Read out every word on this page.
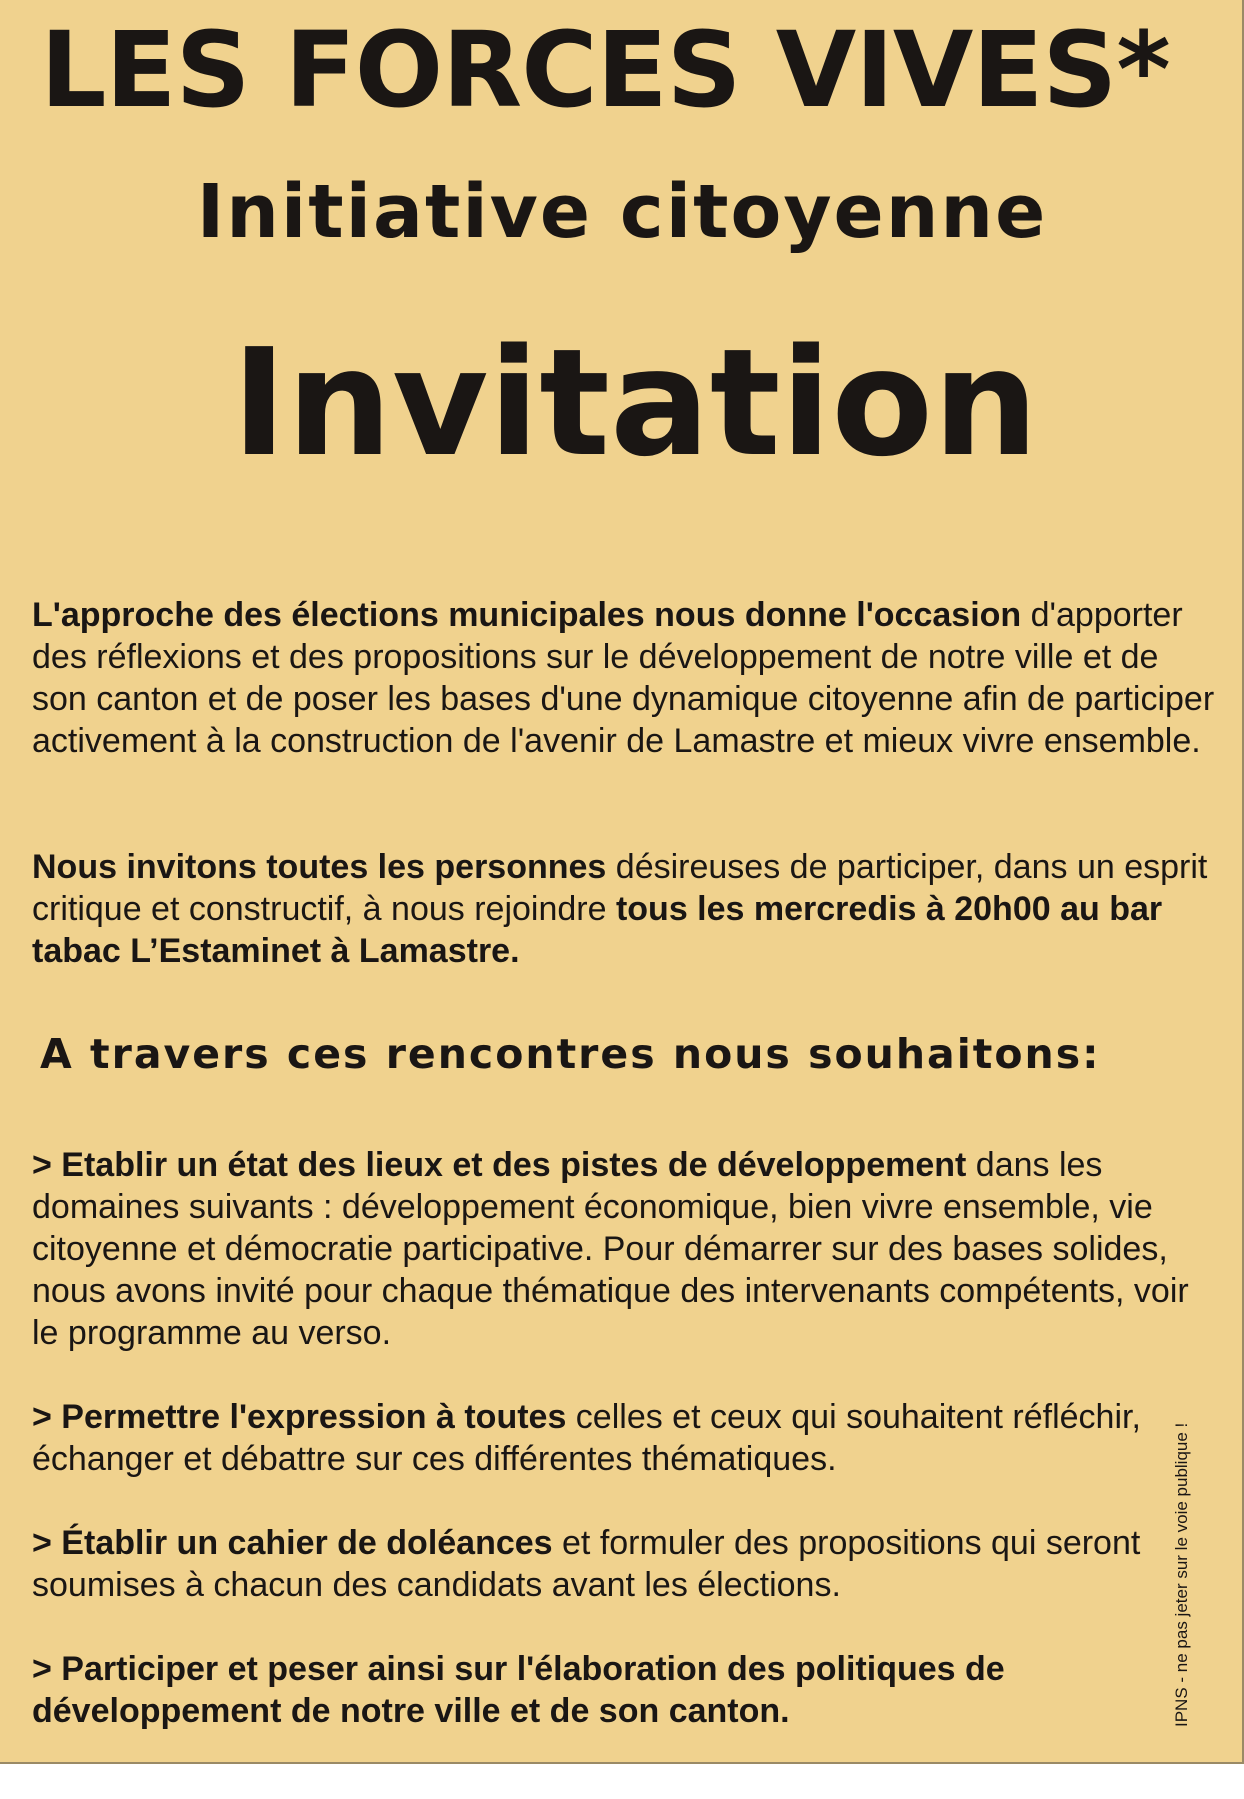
LES FORCES VIVES*
Initiative citoyenne
Invitation

L'approche des élections municipales nous donne l'occasion d'apporter des réflexions et des propositions sur le développement de notre ville et de son canton et de poser les bases d'une dynamique citoyenne afin de participer activement à la construction de l'avenir de Lamastre et mieux vivre ensemble.

Nous invitons toutes les personnes désireuses de participer, dans un esprit critique et constructif, à nous rejoindre tous les mercredis à 20h00 au bar tabac L’Estaminet à Lamastre.

A travers ces rencontres nous souhaitons:

> Etablir un état des lieux et des pistes de développement dans les domaines suivants : développement économique, bien vivre ensemble, vie citoyenne et démocratie participative. Pour démarrer sur des bases solides, nous avons invité pour chaque thématique des intervenants compétents, voir le programme au verso.

> Permettre l'expression à toutes celles et ceux qui souhaitent réfléchir, échanger et débattre sur ces différentes thématiques.

> Établir un cahier de doléances et formuler des propositions qui seront soumises à chacun des candidats avant les élections.

> Participer et peser ainsi sur l'élaboration des politiques de développement de notre ville et de son canton.	IPNS - ne pas jeter sur le voie publique !
